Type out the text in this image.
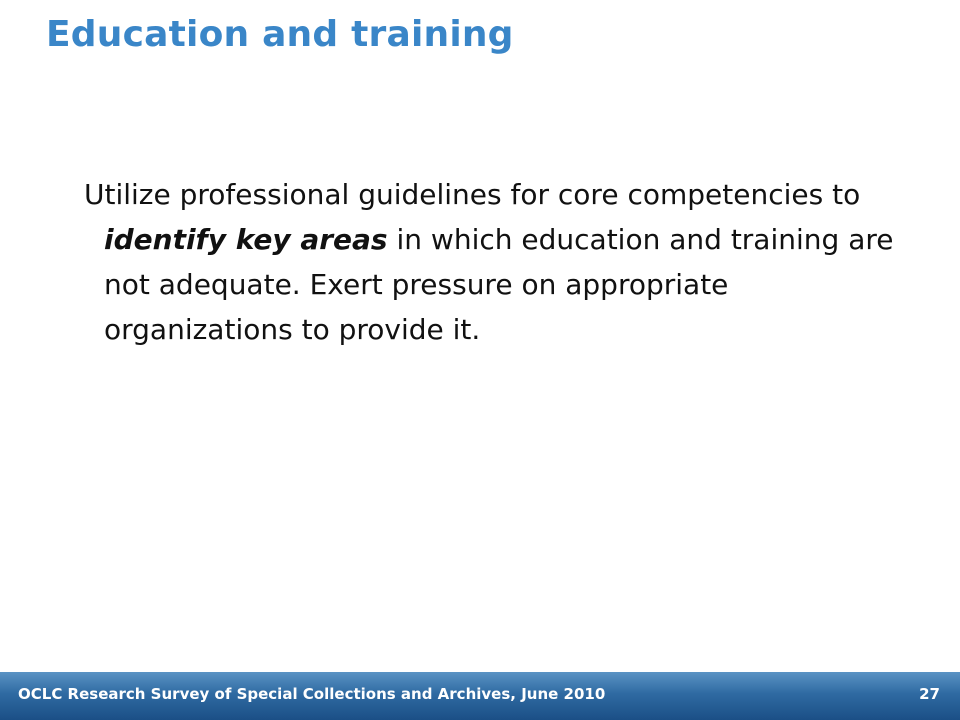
Education and training

Utilize professional guidelines for core competencies to identify key areas in which education and training are not adequate. Exert pressure on appropriate organizations to provide it.

OCLC Research Survey of Special Collections and Archives, June 2010	27
